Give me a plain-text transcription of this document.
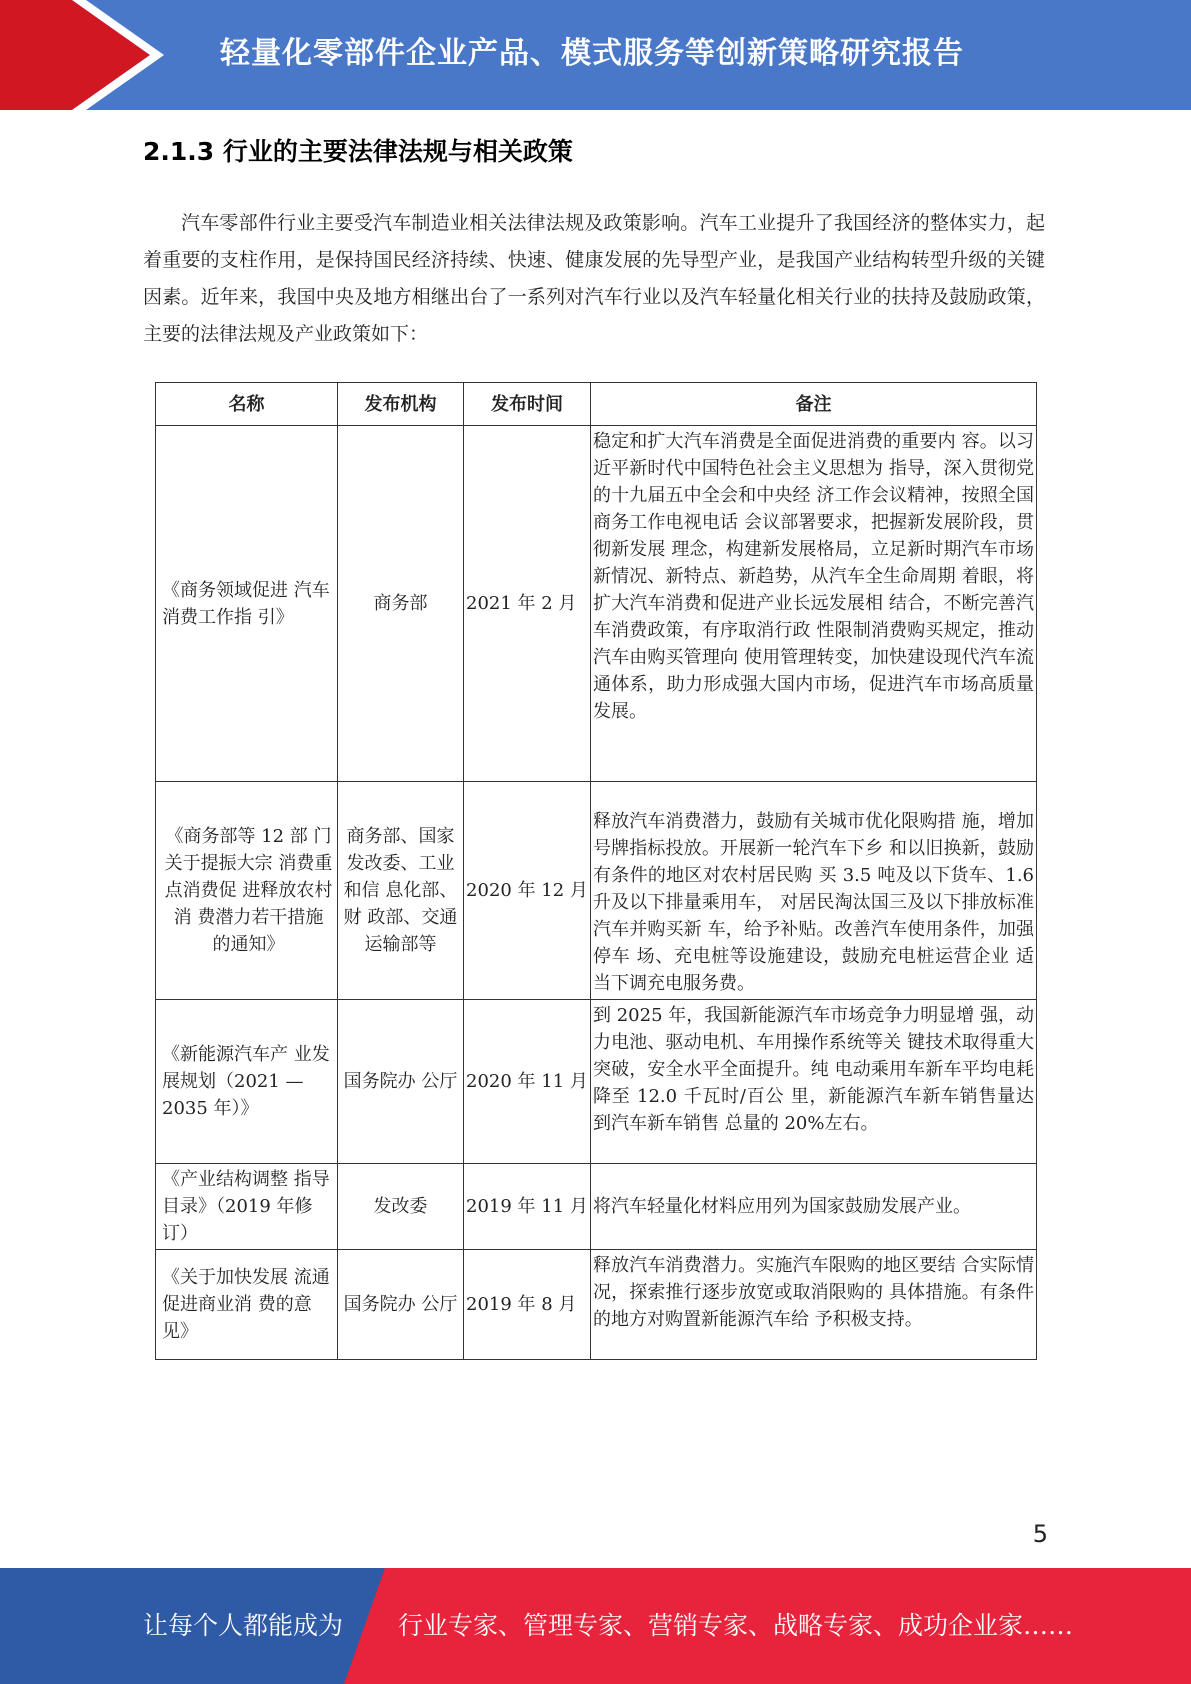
轻量化零部件企业产品、模式服务等创新策略研究报告
2.1.3 行业的主要法律法规与相关政策
汽车零部件行业主要受汽车制造业相关法律法规及政策影响。汽车工业提升了我国经济的整体实力，起着重要的支柱作用，是保持国民经济持续、快速、健康发展的先导型产业，是我国产业结构转型升级的关键因素。近年来，我国中央及地方相继出台了一系列对汽车行业以及汽车轻量化相关行业的扶持及鼓励政策，主要的法律法规及产业政策如下：
名称	发布机构	发布时间	备注
《商务领域促进 汽车消费工作指 引》	商务部	2021 年 2 月	稳定和扩大汽车消费是全面促进消费的重要内 容。以习近平新时代中国特色社会主义思想为 指导，深入贯彻党的十九届五中全会和中央经 济工作会议精神，按照全国商务工作电视电话 会议部署要求，把握新发展阶段，贯彻新发展 理念，构建新发展格局，立足新时期汽车市场 新情况、新特点、新趋势，从汽车全生命周期 着眼，将扩大汽车消费和促进产业长远发展相 结合，不断完善汽车消费政策，有序取消行政 性限制消费购买规定，推动汽车由购买管理向 使用管理转变，加快建设现代汽车流通体系，助力形成强大国内市场，促进汽车市场高质量 发展。
《商务部等 12 部 门关于提振大宗 消费重点消费促 进释放农村消 费潜力若干措施 的通知》	商务部、国家发改委、工业和信 息化部、财 政部、交通运输部等	2020 年 12 月	释放汽车消费潜力，鼓励有关城市优化限购措 施，增加号牌指标投放。开展新一轮汽车下乡 和以旧换新，鼓励有条件的地区对农村居民购 买 3.5 吨及以下货车、1.6 升及以下排量乘用车， 对居民淘汰国三及以下排放标准汽车并购买新 车，给予补贴。改善汽车使用条件，加强停车 场、充电桩等设施建设，鼓励充电桩运营企业 适当下调充电服务费。
《新能源汽车产 业发展规划（2021 —2035 年）》	国务院办 公厅	2020 年 11 月	到 2025 年，我国新能源汽车市场竞争力明显增 强，动力电池、驱动电机、车用操作系统等关 键技术取得重大突破，安全水平全面提升。纯 电动乘用车新车平均电耗降至 12.0 千瓦时/百公 里，新能源汽车新车销售量达到汽车新车销售 总量的 20%左右。
《产业结构调整 指导目录》（2019 年修订）	发改委	2019 年 11 月	将汽车轻量化材料应用列为国家鼓励发展产业。
《关于加快发展 流通促进商业消 费的意见》	国务院办 公厅	2019 年 8 月	释放汽车消费潜力。实施汽车限购的地区要结 合实际情况，探索推行逐步放宽或取消限购的 具体措施。有条件的地方对购置新能源汽车给 予积极支持。
5
让每个人都能成为 行业专家、管理专家、营销专家、战略专家、成功企业家……
